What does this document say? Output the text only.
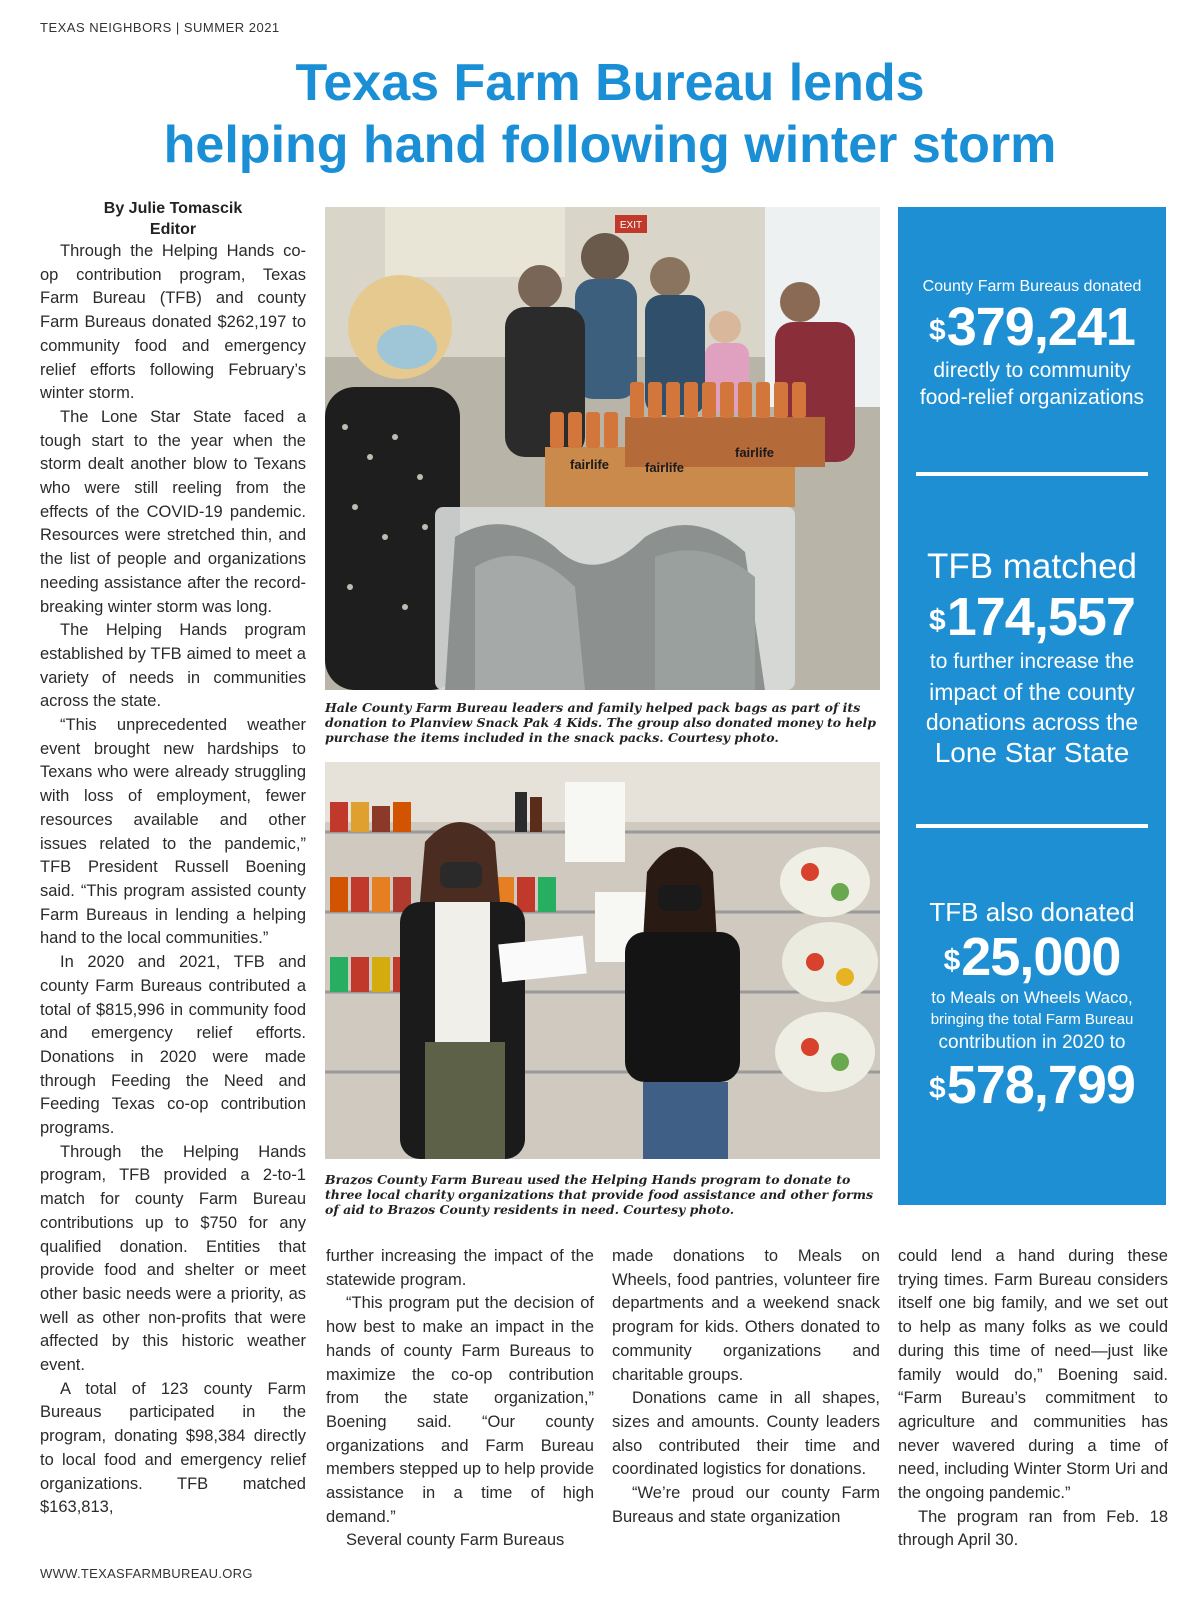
TEXAS NEIGHBORS | SUMMER 2021
Texas Farm Bureau lends
helping hand following winter storm
By Julie Tomascik
Editor

Through the Helping Hands co-op contribution program, Texas Farm Bureau (TFB) and county Farm Bureaus donated $262,197 to community food and emergency relief efforts following February’s winter storm.

The Lone Star State faced a tough start to the year when the storm dealt another blow to Texans who were still reeling from the effects of the COVID-19 pandemic. Resources were stretched thin, and the list of people and organizations needing assistance after the record-breaking winter storm was long.

The Helping Hands program established by TFB aimed to meet a variety of needs in communities across the state.

“This unprecedented weather event brought new hardships to Texans who were already struggling with loss of employment, fewer resources available and other issues related to the pandemic,” TFB President Russell Boening said. “This program assisted county Farm Bureaus in lending a helping hand to the local communities.”

In 2020 and 2021, TFB and county Farm Bureaus contributed a total of $815,996 in community food and emergency relief efforts. Donations in 2020 were made through Feeding the Need and Feeding Texas co-op contribution programs.

Through the Helping Hands program, TFB provided a 2-to-1 match for county Farm Bureau contributions up to $750 for any qualified donation. Entities that provide food and shelter or meet other basic needs were a priority, as well as other non-profits that were affected by this historic weather event.

A total of 123 county Farm Bureaus participated in the program, donating $98,384 directly to local food and emergency relief organizations. TFB matched $163,813,

EXIT
fairlife	fairlife
fairlife
Hale County Farm Bureau leaders and family helped pack bags as part of its donation to Planview Snack Pak 4 Kids. The group also donated money to help purchase the items included in the snack packs. Courtesy photo.
Brazos County Farm Bureau used the Helping Hands program to donate to three local charity organizations that provide food assistance and other forms of aid to Brazos County residents in need. Courtesy photo.
County Farm Bureaus donated
$379,241
directly to community
food-relief organizations
TFB matched
$174,557
to further increase the
impact of the county
donations across the
Lone Star State
TFB also donated
$25,000
to Meals on Wheels Waco,
bringing the total Farm Bureau
contribution in 2020 to
$578,799

further increasing the impact of the statewide program.

“This program put the decision of how best to make an impact in the hands of county Farm Bureaus to maximize the co-op contribution from the state organization,” Boening said. “Our county organizations and Farm Bureau members stepped up to help provide assistance in a time of high demand.”

Several county Farm Bureaus

made donations to Meals on Wheels, food pantries, volunteer fire departments and a weekend snack program for kids. Others donated to community organizations and charitable groups.

Donations came in all shapes, sizes and amounts. County leaders also contributed their time and coordinated logistics for donations.

“We’re proud our county Farm Bureaus and state organization

could lend a hand during these trying times. Farm Bureau considers itself one big family, and we set out to help as many folks as we could during this time of need—just like family would do,” Boening said. “Farm Bureau’s commitment to agriculture and communities has never wavered during a time of need, including Winter Storm Uri and the ongoing pandemic.”

The program ran from Feb. 18 through April 30.

WWW.TEXASFARMBUREAU.ORG
